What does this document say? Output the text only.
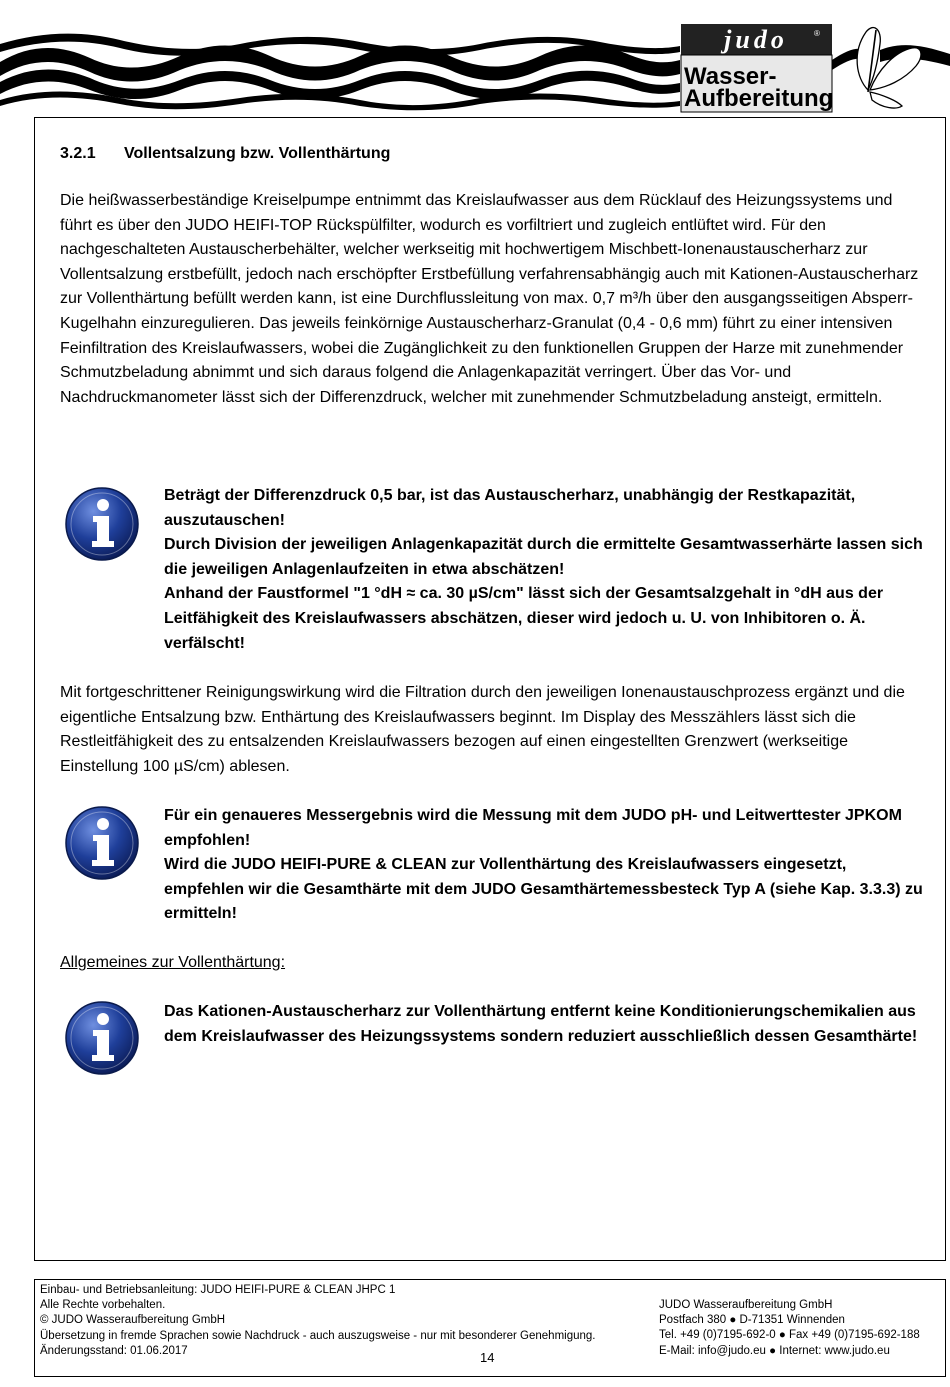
judo	®
Wasser-
Aufbereitung
3.2.1 Vollentsalzung bzw. Vollenthärtung

Die heißwasserbeständige Kreiselpumpe entnimmt das Kreislaufwasser aus dem Rücklauf des Heizungssystems und führt es über den JUDO HEIFI-TOP Rückspülfilter, wodurch es vorfiltriert und zugleich entlüftet wird. Für den nachgeschalteten Austauscherbehälter, welcher werkseitig mit hochwertigem Mischbett-Ionenaustauscherharz zur Vollentsalzung erstbefüllt, jedoch nach erschöpfter Erstbefüllung verfahrensabhängig auch mit Kationen-Austauscherharz zur Vollenthärtung befüllt werden kann, ist eine Durchflussleitung von max. 0,7 m³/h über den ausgangsseitigen Absperr-Kugelhahn einzuregulieren. Das jeweils feinkörnige Austauscherharz-Granulat (0,4 - 0,6 mm) führt zu einer intensiven Feinfiltration des Kreislaufwassers, wobei die Zugänglichkeit zu den funktionellen Gruppen der Harze mit zunehmender Schmutzbeladung abnimmt und sich daraus folgend die Anlagenkapazität verringert. Über das Vor- und Nachdruckmanometer lässt sich der Differenzdruck, welcher mit zunehmender Schmutzbeladung ansteigt, ermitteln.

Beträgt der Differenzdruck 0,5 bar, ist das Austauscherharz, unabhängig der Restkapazität, auszutauschen!
Durch Division der jeweiligen Anlagenkapazität durch die ermittelte Gesamtwasserhärte lassen sich die jeweiligen Anlagenlaufzeiten in etwa abschätzen!
Anhand der Faustformel "1 °dH ≈ ca. 30 µS/cm" lässt sich der Gesamtsalzgehalt in °dH aus der Leitfähigkeit des Kreislaufwassers abschätzen, dieser wird jedoch u. U. von Inhibitoren o. Ä. verfälscht!

Mit fortgeschrittener Reinigungswirkung wird die Filtration durch den jeweiligen Ionenaustauschprozess ergänzt und die eigentliche Entsalzung bzw. Enthärtung des Kreislaufwassers beginnt. Im Display des Messzählers lässt sich die Restleitfähigkeit des zu entsalzenden Kreislaufwassers bezogen auf einen eingestellten Grenzwert (werkseitige Einstellung 100 µS/cm) ablesen.

Für ein genaueres Messergebnis wird die Messung mit dem JUDO pH- und Leitwerttester JPKOM empfohlen!
Wird die JUDO HEIFI-PURE & CLEAN zur Vollenthärtung des Kreislaufwassers eingesetzt, empfehlen wir die Gesamthärte mit dem JUDO Gesamthärtemessbesteck Typ A (siehe Kap. 3.3.3) zu ermitteln!
Allgemeines zur Vollenthärtung:
Das Kationen-Austauscherharz zur Vollenthärtung entfernt keine Konditionierungschemikalien aus dem Kreislaufwasser des Heizungssystems sondern reduziert ausschließlich dessen Gesamthärte!
Einbau- und Betriebsanleitung: JUDO HEIFI-PURE & CLEAN JHPC 1
Alle Rechte vorbehalten.
© JUDO Wasseraufbereitung GmbH
Übersetzung in fremde Sprachen sowie Nachdruck - auch auszugsweise - nur mit besonderer Genehmigung.
Änderungsstand: 01.06.2017
JUDO Wasseraufbereitung GmbH
Postfach 380 ● D-71351 Winnenden
Tel. +49 (0)7195-692-0 ● Fax +49 (0)7195-692-188
E-Mail: info@judo.eu ● Internet: www.judo.eu
14
